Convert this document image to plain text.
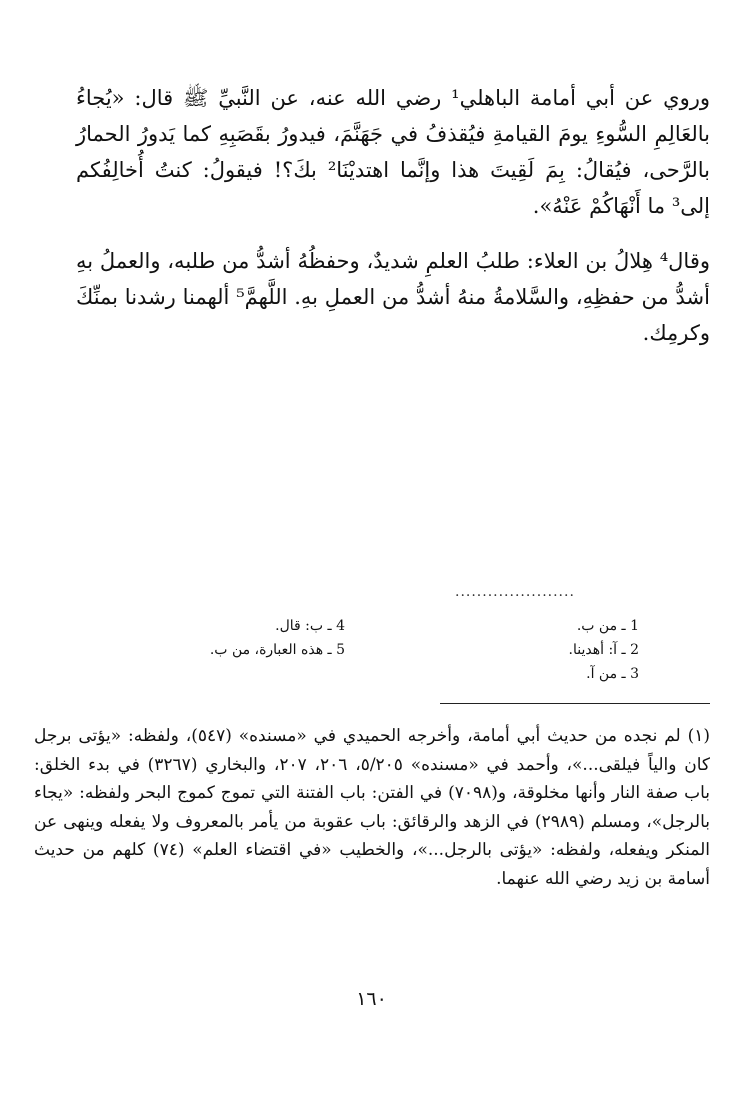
وروي عن أبي أمامة الباهلي¹ رضي الله عنه، عن النَّبيِّ ﷺ قال: «يُجاءُ بالعَالِمِ السُّوءِ يومَ القيامةِ فيُقذفُ في جَهَنَّمَ، فيدورُ بقَصَبِهِ كما يَدورُ الحمارُ بالرَّحى، فيُقالُ: بِمَ لَقِيتَ هذا وإنَّما اهتديْنَا² بكَ؟! فيقولُ: كنتُ أُخالِفُكم إلى³ ما أَنْهَاكُمْ عَنْهُ».

وقال⁴ هِلالُ بن العلاء: طلبُ العلمِ شديدٌ، وحفظُهُ أشدُّ من طلبه، والعملُ بهِ أشدُّ من حفظِهِ، والسَّلامةُ منهُ أشدُّ من العملِ بهِ. اللَّهمَّ⁵ ألهمنا رشدنا بمنِّكَ وكرمِك.

......................
1 ـ من ب.
2 ـ آ: أهدينا.
3 ـ من آ.
4 ـ ب: قال.
5 ـ هذه العبارة، من ب.
(١) لم نجده من حديث أبي أمامة، وأخرجه الحميدي في «مسنده» (٥٤٧)، ولفظه: «يؤتى برجل كان والياً فيلقى...»، وأحمد في «مسنده» ٥/٢٠٥، ٢٠٦، ٢٠٧، والبخاري (٣٢٦٧) في بدء الخلق: باب صفة النار وأنها مخلوقة، و(٧٠٩٨) في الفتن: باب الفتنة التي تموج كموج البحر ولفظه: «يجاء بالرجل»، ومسلم (٢٩٨٩) في الزهد والرقائق: باب عقوبة من يأمر بالمعروف ولا يفعله وينهى عن المنكر ويفعله، ولفظه: «يؤتى بالرجل...»، والخطيب «في اقتضاء العلم» (٧٤) كلهم من حديث أسامة بن زيد رضي الله عنهما.
١٦٠
